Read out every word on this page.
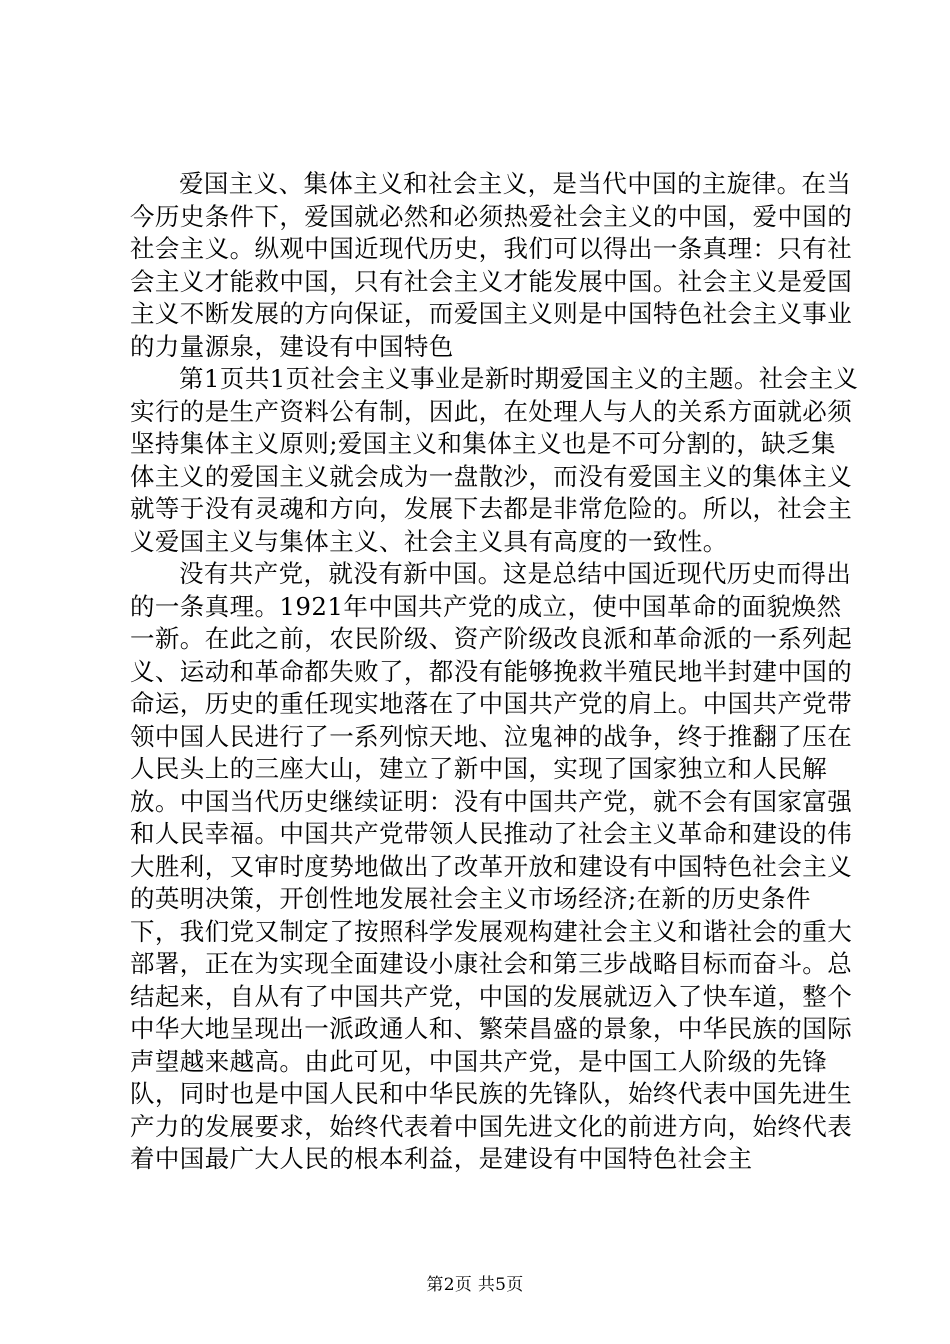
爱国主义、集体主义和社会主义，是当代中国的主旋律。在当今历史条件下，爱国就必然和必须热爱社会主义的中国，爱中国的社会主义。纵观中国近现代历史，我们可以得出一条真理：只有社会主义才能救中国，只有社会主义才能发展中国。社会主义是爱国主义不断发展的方向保证，而爱国主义则是中国特色社会主义事业的力量源泉，建设有中国特色

第1页共1页社会主义事业是新时期爱国主义的主题。社会主义实行的是生产资料公有制，因此，在处理人与人的关系方面就必须坚持集体主义原则;爱国主义和集体主义也是不可分割的，缺乏集体主义的爱国主义就会成为一盘散沙，而没有爱国主义的集体主义就等于没有灵魂和方向，发展下去都是非常危险的。所以，社会主义爱国主义与集体主义、社会主义具有高度的一致性。

没有共产党，就没有新中国。这是总结中国近现代历史而得出的一条真理。1921年中国共产党的成立，使中国革命的面貌焕然一新。在此之前，农民阶级、资产阶级改良派和革命派的一系列起义、运动和革命都失败了，都没有能够挽救半殖民地半封建中国的命运，历史的重任现实地落在了中国共产党的肩上。中国共产党带领中国人民进行了一系列惊天地、泣鬼神的战争，终于推翻了压在人民头上的三座大山，建立了新中国，实现了国家独立和人民解放。中国当代历史继续证明：没有中国共产党，就不会有国家富强和人民幸福。中国共产党带领人民推动了社会主义革命和建设的伟大胜利，又审时度势地做出了改革开放和建设有中国特色社会主义的英明决策，开创性地发展社会主义市场经济;在新的历史条件下，我们党又制定了按照科学发展观构建社会主义和谐社会的重大部署，正在为实现全面建设小康社会和第三步战略目标而奋斗。总结起来，自从有了中国共产党，中国的发展就迈入了快车道，整个中华大地呈现出一派政通人和、繁荣昌盛的景象，中华民族的国际声望越来越高。由此可见，中国共产党，是中国工人阶级的先锋队，同时也是中国人民和中华民族的先锋队，始终代表中国先进生产力的发展要求，始终代表着中国先进文化的前进方向，始终代表着中国最广大人民的根本利益，是建设有中国特色社会主

第2页 共5页
